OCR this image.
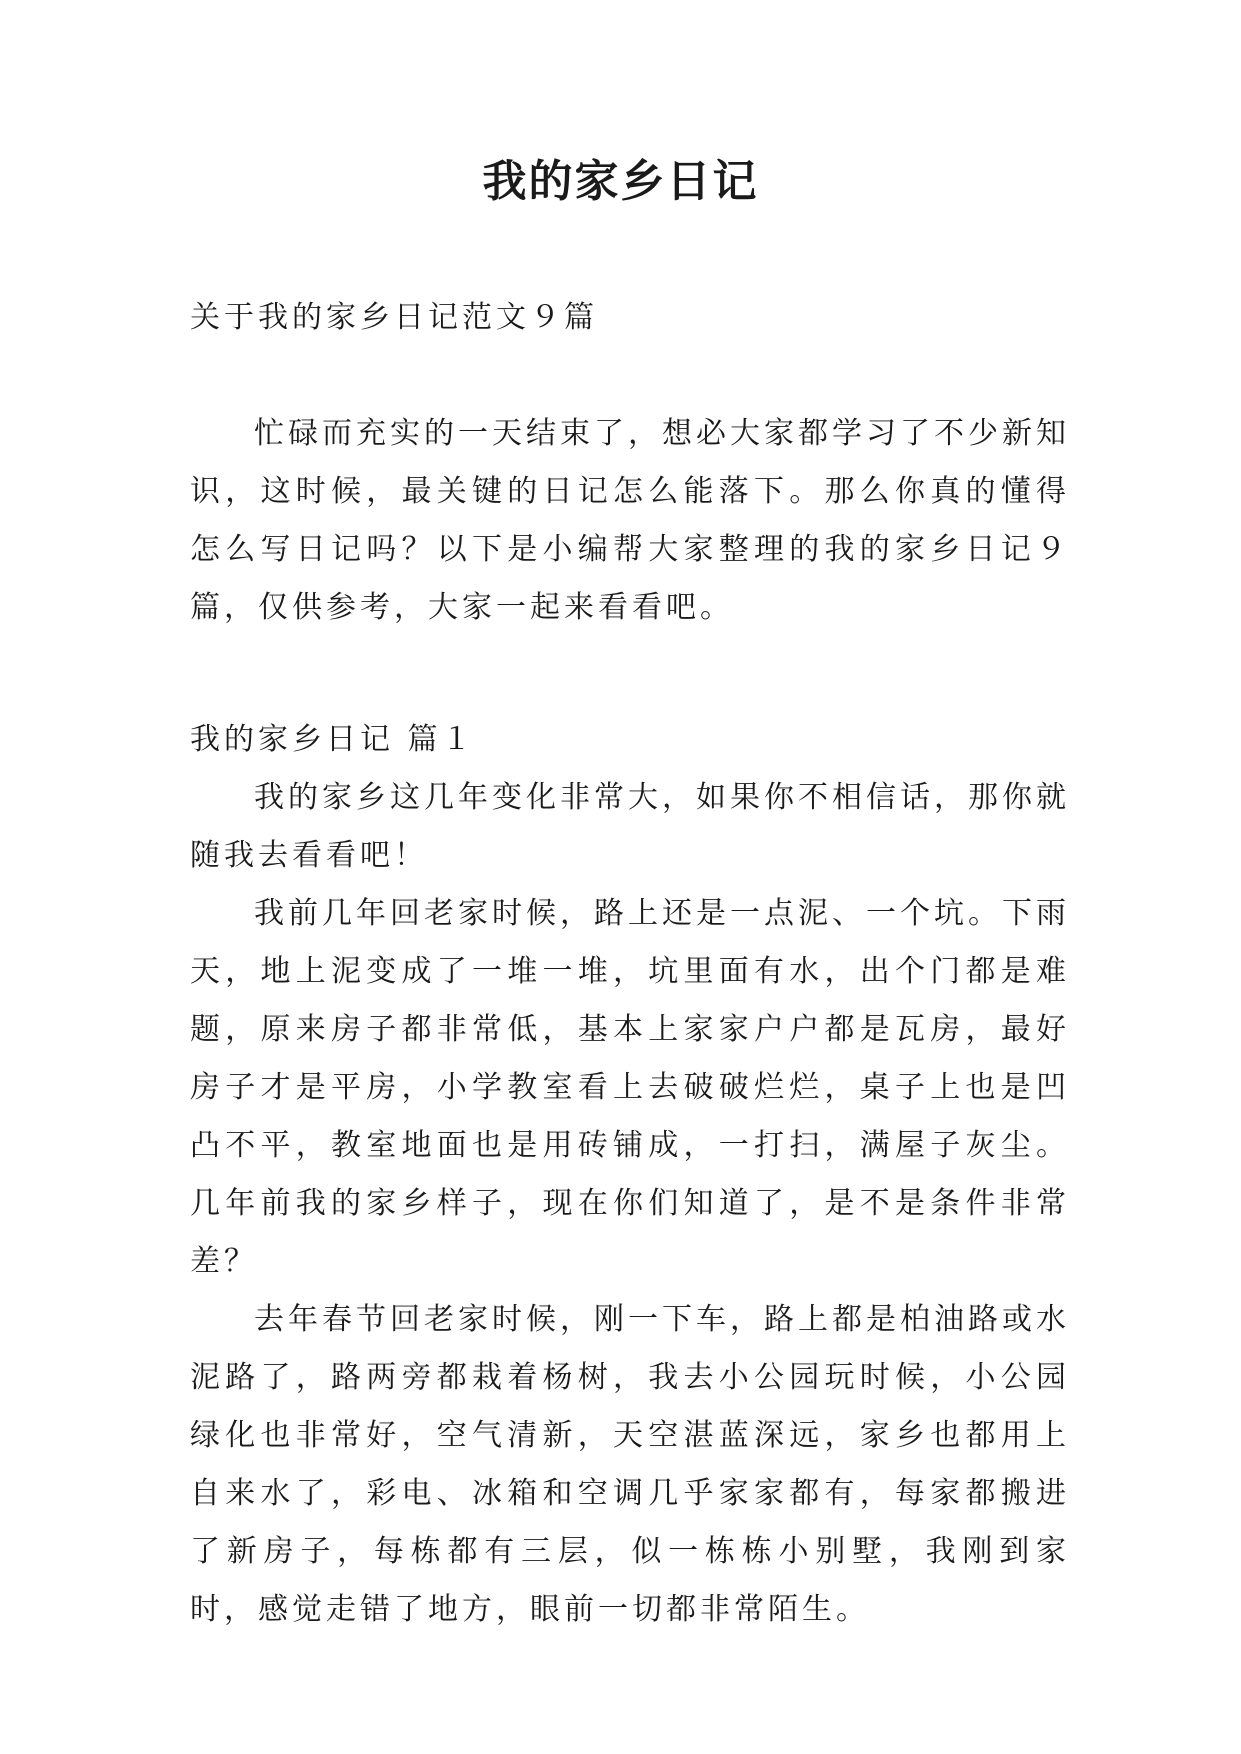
我的家乡日记

关于我的家乡日记范文９篇

忙碌而充实的一天结束了，想必大家都学习了不少新知识，这时候，最关键的日记怎么能落下。那么你真的懂得怎么写日记吗？以下是小编帮大家整理的我的家乡日记９篇，仅供参考，大家一起来看看吧。

我的家乡日记 篇１

我的家乡这几年变化非常大，如果你不相信话，那你就随我去看看吧！

我前几年回老家时候，路上还是一点泥、一个坑。下雨天，地上泥变成了一堆一堆，坑里面有水，出个门都是难题，原来房子都非常低，基本上家家户户都是瓦房，最好房子才是平房，小学教室看上去破破烂烂，桌子上也是凹凸不平，教室地面也是用砖铺成，一打扫，满屋子灰尘。几年前我的家乡样子，现在你们知道了，是不是条件非常差？

去年春节回老家时候，刚一下车，路上都是柏油路或水泥路了，路两旁都栽着杨树，我去小公园玩时候，小公园绿化也非常好，空气清新，天空湛蓝深远，家乡也都用上自来水了，彩电、冰箱和空调几乎家家都有，每家都搬进了新房子，每栋都有三层，似一栋栋小别墅，我刚到家时，感觉走错了地方，眼前一切都非常陌生。
